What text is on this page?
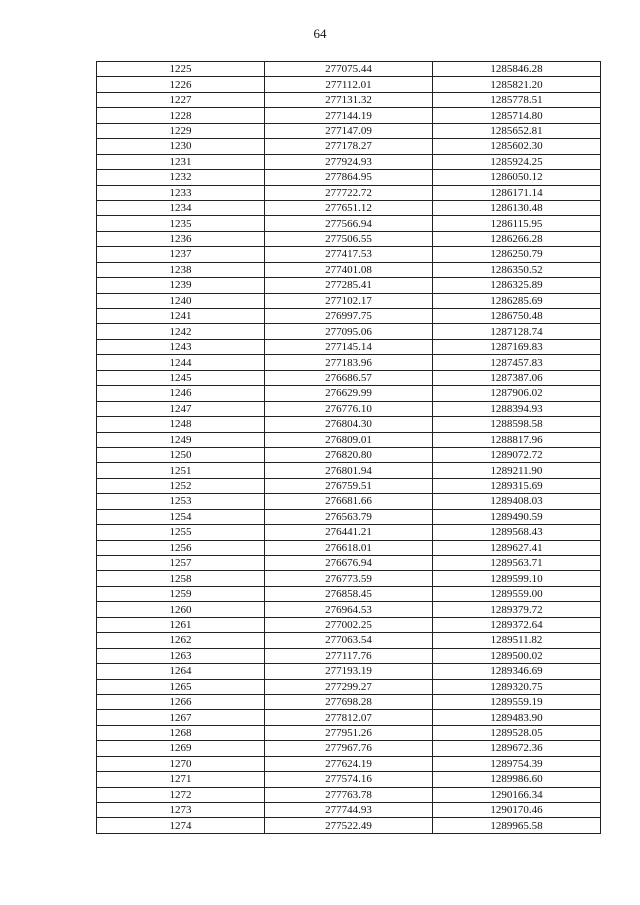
64
1225	277075.44	1285846.28
1226	277112.01	1285821.20
1227	277131.32	1285778.51
1228	277144.19	1285714.80
1229	277147.09	1285652.81
1230	277178.27	1285602.30
1231	277924.93	1285924.25
1232	277864.95	1286050.12
1233	277722.72	1286171.14
1234	277651.12	1286130.48
1235	277566.94	1286115.95
1236	277506.55	1286266.28
1237	277417.53	1286250.79
1238	277401.08	1286350.52
1239	277285.41	1286325.89
1240	277102.17	1286285.69
1241	276997.75	1286750.48
1242	277095.06	1287128.74
1243	277145.14	1287169.83
1244	277183.96	1287457.83
1245	276686.57	1287387.06
1246	276629.99	1287906.02
1247	276776.10	1288394.93
1248	276804.30	1288598.58
1249	276809.01	1288817.96
1250	276820.80	1289072.72
1251	276801.94	1289211.90
1252	276759.51	1289315.69
1253	276681.66	1289408.03
1254	276563.79	1289490.59
1255	276441.21	1289568.43
1256	276618.01	1289627.41
1257	276676.94	1289563.71
1258	276773.59	1289599.10
1259	276858.45	1289559.00
1260	276964.53	1289379.72
1261	277002.25	1289372.64
1262	277063.54	1289511.82
1263	277117.76	1289500.02
1264	277193.19	1289346.69
1265	277299.27	1289320.75
1266	277698.28	1289559.19
1267	277812.07	1289483.90
1268	277951.26	1289528.05
1269	277967.76	1289672.36
1270	277624.19	1289754.39
1271	277574.16	1289986.60
1272	277763.78	1290166.34
1273	277744.93	1290170.46
1274	277522.49	1289965.58
